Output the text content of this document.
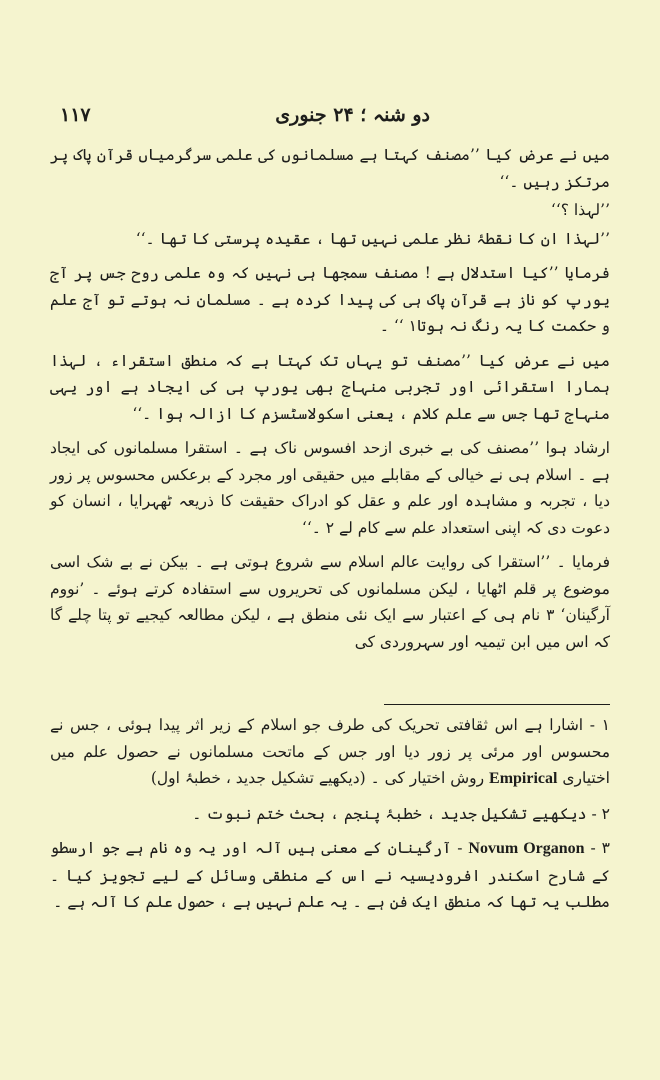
دو شنہ ؛ ۲۴ جنوری
۱۱۷

میں نے عرض کیا ’’مصنف کہتا ہے مسلمانوں کی علمی سرگرمیاں قرآن پاک پر مرتکز رہیں ۔‘‘

’’لہذا ؟‘‘

’’لہذا ان کا نقطۂ نظر علمی نہیں تھا ، عقیدہ پرستی کا تھا ۔‘‘

فرمایا ’’کیا استدلال ہے ! مصنف سمجھا ہی نہیں کہ وہ علمی روح جس پر آج یورپ کو ناز ہے قرآن پاک ہی کی پیدا کردہ ہے ۔ مسلمان نہ ہوتے تو آج علم و حکمت کا یہ رنگ نہ ہوتا۱ ‘‘ ۔

میں نے عرض کیا ’’مصنف تو یہاں تک کہتا ہے کہ منطق استقراء ، لہذا ہمارا استقرائی اور تجربی منہاج بھی یورپ ہی کی ایجاد ہے اور یہی منہاج تھا جس سے علم کلام ، یعنی اسکولاسٹسزم کا ازالہ ہوا ۔‘‘

ارشاد ہوا ’’مصنف کی بے خبری ازحد افسوس ناک ہے ۔ استقرا مسلمانوں کی ایجاد ہے ۔ اسلام ہی نے خیالی کے مقابلے میں حقیقی اور مجرد کے برعکس محسوس پر زور دیا ، تجربہ و مشاہدہ اور علم و عقل کو ادراک حقیقت کا ذریعہ ٹھہرایا ، انسان کو دعوت دی کہ اپنی استعداد علم سے کام لے ۲ ۔‘‘

فرمایا ۔ ’’استقرا کی روایت عالم اسلام سے شروع ہوتی ہے ۔ بیکن نے بے شک اسی موضوع پر قلم اٹھایا ، لیکن مسلمانوں کی تحریروں سے استفادہ کرتے ہوئے ۔ ’نووم آرگینان‘ ۳ نام ہی کے اعتبار سے ایک نئی منطق ہے ، لیکن مطالعہ کیجیے تو پتا چلے گا کہ اس میں ابن تیمیہ اور سہروردی کی

۱ - اشارا ہے اس ثقافتی تحریک کی طرف جو اسلام کے زیر اثر پیدا ہوئی ، جس نے محسوس اور مرئی پر زور دیا اور جس کے ماتحت مسلمانوں نے حصول علم میں اختیاری Empirical روش اختیار کی ۔ (دیکھیے تشکیل جدید ، خطبۂ اول)

۲ - دیکھیے تشکیل جدید ، خطبۂ پنجم ، بحث ختم نبوت ۔

۳ - Novum Organon - آرگینان کے معنی ہیں آلہ اور یہ وہ نام ہے جو ارسطو کے شارح اسکندر افرودیسیہ نے اس کے منطقی وسائل کے لیے تجویز کیا ۔ مطلب یہ تھا کہ منطق ایک فن ہے ۔ یہ علم نہیں ہے ، حصول علم کا آلہ ہے ۔
